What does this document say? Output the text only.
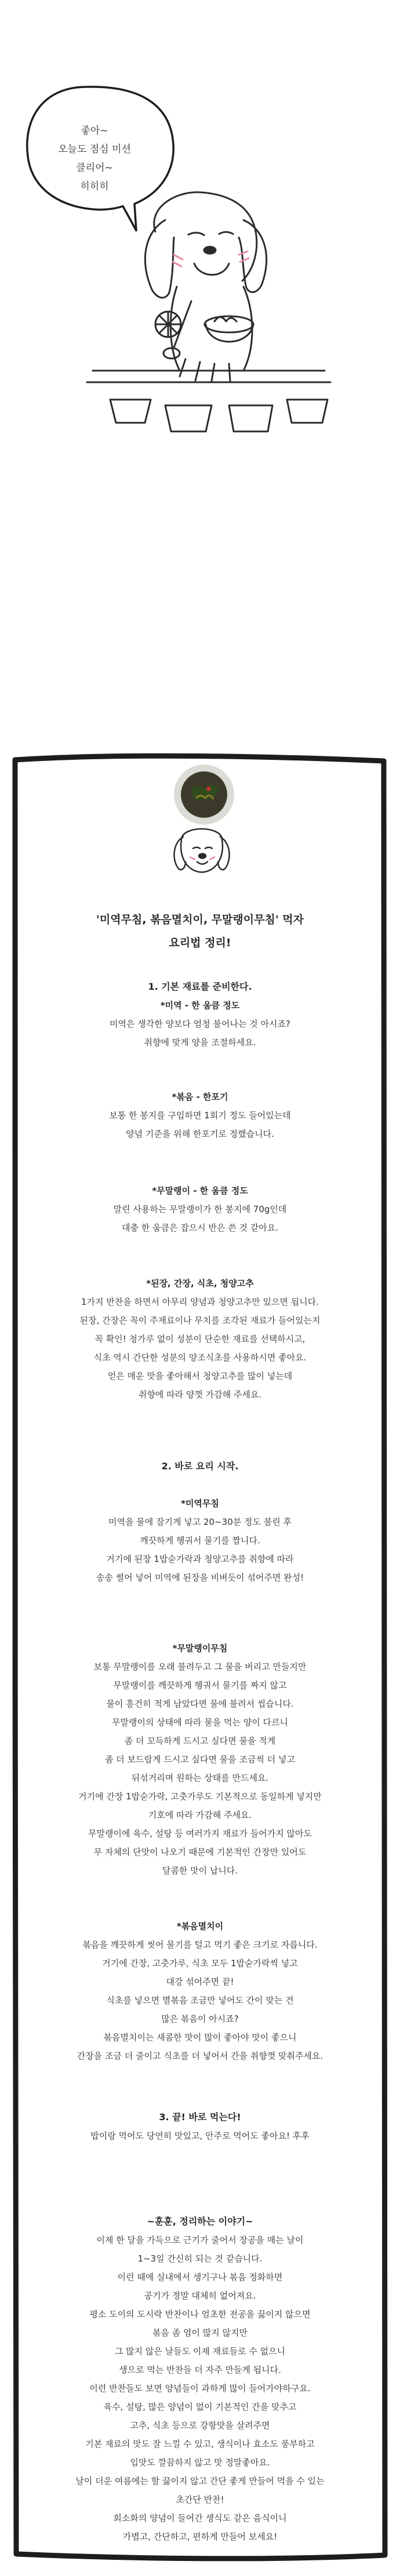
좋아~
오늘도 점심 미션
클리어~
히히히
'미역무침, 볶음멸치이, 무말랭이무침' 먹자
요리법 정리!
1. 기본 재료를 준비한다.
*미역 - 한 움큼 정도
미역은 생각한 양보다 엄청 불어나는 것 아시죠?
취향에 맞게 양을 조절하세요.
*볶음 - 한포기
보통 한 봉지를 구입하면 1회기 정도 들어있는데
양념 기준을 위해 한포기로 정했습니다.
*무말랭이 - 한 움큼 정도
말린 사용하는 무말랭이가 한 봉지에 70g인데
대충 한 움큼은 잡으시 반은 쓴 것 같아요.
*된장, 간장, 식초, 청양고추
1가지 반찬을 하면서 아무리 양념과 청양고추만 있으면 됩니다.
된장, 간장은 꼭이 주재료이나 무치를 조각된 재료가 들어있는지
꼭 확인! 청가루 없이 성분이 단순한 재료를 선택하시고,
식초 역시 간단한 성분의 양조식초를 사용하시면 좋아요.
얻은 매운 맛을 좋아해서 청양고추를 많이 넣는데
취향에 따라 양껏 가감해 주세요.
2. 바로 요리 시작.
*미역무침
미역을 물에 잠기게 넣고 20~30분 정도 불린 후
깨끗하게 헹궈서 물기를 짭니다.
거기에 된장 1밥숟가락과 청양고추를 취향에 따라
송송 썰어 넣어 미역에 된장을 비벼듯이 섞어주면 완성!
*무말랭이무침
보통 무말랭이를 오래 불려두고 그 물을 버리고 만들지만
무말랭이를 깨끗하게 헹궈서 물기를 짜지 않고
물이 흥건히 적게 남았다면 물에 불려서 씹습니다.
무말랭이의 상태에 따라 물을 먹는 양이 다르니
좀 더 꼬득하게 드시고 싶다면 물을 적게
좀 더 보드랍게 드시고 싶다면 물을 조금씩 더 넣고
뒤섞거리며 원하는 상태를 만드세요.
거기에 간장 1밥숟가락, 고춧가루도 기본적으로 동일하게 넣지만
기호에 따라 가감해 주세요.
무말랭이에 육수, 설탕 등 여러가지 재료가 들어가지 않아도
무 자체의 단맛이 나오기 때문에 기본적인 간장만 있어도
달콤한 맛이 납니다.
*볶음멸치이
볶음을 깨끗하게 씻어 물기를 털고 먹기 좋은 크기로 자릅니다.
거기에 간장, 고춧가루, 식초 모두 1밥숟가락씩 넣고
대강 섞어주면 끝!
식초를 넣으면 멸볶음 조금만 넣어도 간이 맞는 건
많은 볶음이 아시죠?
볶음멸치이는 새콤한 맛이 많이 좋아야 맛이 좋으니
간장을 조금 더 줄이고 식초를 더 넣어서 간을 취향껏 맞춰주세요.
3. 끝! 바로 먹는다!
밥이랑 먹어도 당연히 맛있고, 안주로 먹어도 좋아요! 후후
~훈훈, 정리하는 이야기~
이제 한 달을 가득으로 근기가 줄어서 장공을 매는 날이
1~3일 간신히 되는 것 같습니다.
이런 때에 실내에서 생기구나 볶음 정화하면
공기가 정말 대체히 없어져요.
평소 도이의 도시락 반찬이나 엄초한 전공을 끓이지 않으면
볶음 좀 엄이 많지 않지만
그 많지 않은 날들도 이제 재료들로 수 없으니
생으로 먹는 반찬들 더 자주 만들게 됩니다.
이런 반찬들도 보면 양념들이 과하게 많이 들어가야하구요.
육수, 설탕, 많은 양념이 없이 기본적인 간을 맞추고
고추, 식초 등으로 강항맛을 살려주면
기본 재료의 맛도 잘 느낄 수 있고, 생식이나 효소도 풍부하고
입맛도 깔끔하지 않고 맛 정말좋아요.
날이 더운 여름에는 할 끓이지 않고 간단 좋게 만들어 먹을 수 있는
초간단 반찬!
회소화의 양념이 들어간 생식도 같은 음식이니
가볍고, 간단하고, 편하게 만들어 보세요!
